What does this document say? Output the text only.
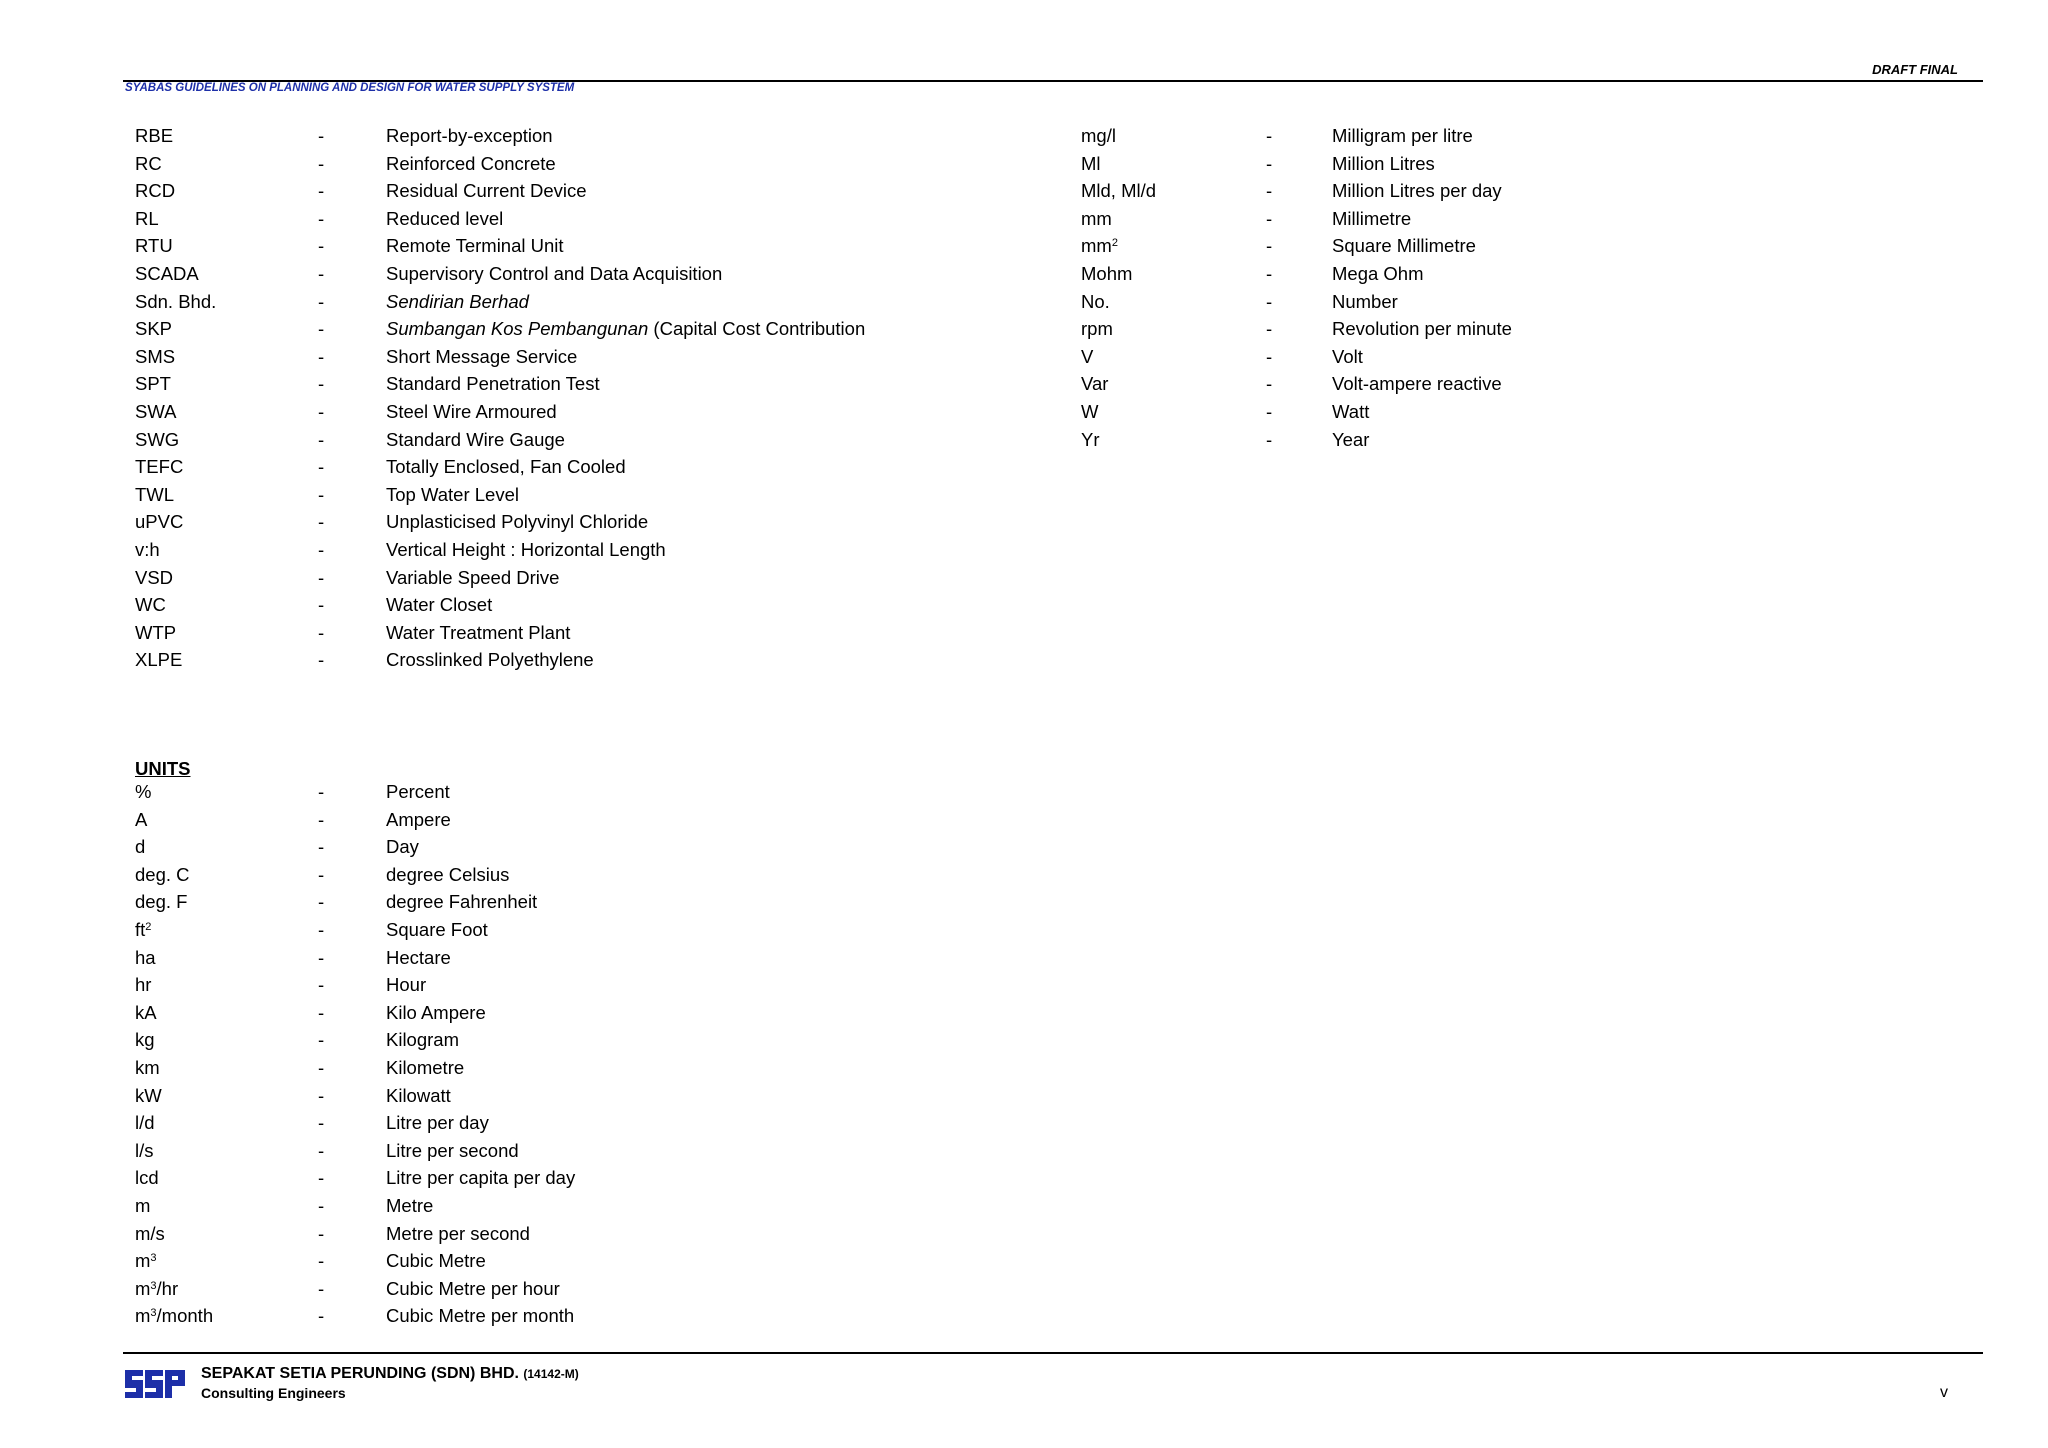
DRAFT FINAL
SYABAS GUIDELINES ON PLANNING AND DESIGN FOR WATER SUPPLY SYSTEM
RBE	-	Report-by-exception
RC	-	Reinforced Concrete
RCD	-	Residual Current Device
RL	-	Reduced level
RTU	-	Remote Terminal Unit
SCADA	-	Supervisory Control and Data Acquisition
Sdn. Bhd.	-	Sendirian Berhad
SKP	-	Sumbangan Kos Pembangunan (Capital Cost Contribution
SMS	-	Short Message Service
SPT	-	Standard Penetration Test
SWA	-	Steel Wire Armoured
SWG	-	Standard Wire Gauge
TEFC	-	Totally Enclosed, Fan Cooled
TWL	-	Top Water Level
uPVC	-	Unplasticised Polyvinyl Chloride
v:h	-	Vertical Height : Horizontal Length
VSD	-	Variable Speed Drive
WC	-	Water Closet
WTP	-	Water Treatment Plant
XLPE	-	Crosslinked Polyethylene
mg/l	-	Milligram per litre
Ml	-	Million Litres
Mld, Ml/d	-	Million Litres per day
mm	-	Millimetre
$mm^2$	-	Square Millimetre
Mohm	-	Mega Ohm
No.	-	Number
rpm	-	Revolution per minute
V	-	Volt
Var	-	Volt-ampere reactive
W	-	Watt
Yr	-	Year
UNITS
%	-	Percent
A	-	Ampere
d	-	Day
deg. C	-	degree Celsius
deg. F	-	degree Fahrenheit
$ft^2$	-	Square Foot
ha	-	Hectare
hr	-	Hour
kA	-	Kilo Ampere
kg	-	Kilogram
km	-	Kilometre
kW	-	Kilowatt
l/d	-	Litre per day
l/s	-	Litre per second
lcd	-	Litre per capita per day
m	-	Metre
m/s	-	Metre per second
$m^3$	-	Cubic Metre
$m^3/hr$	-	Cubic Metre per hour
$m^3$/month	-	Cubic Metre per month
SEPAKAT SETIA PERUNDING (SDN) BHD. (14142-M)
Consulting Engineers	v
